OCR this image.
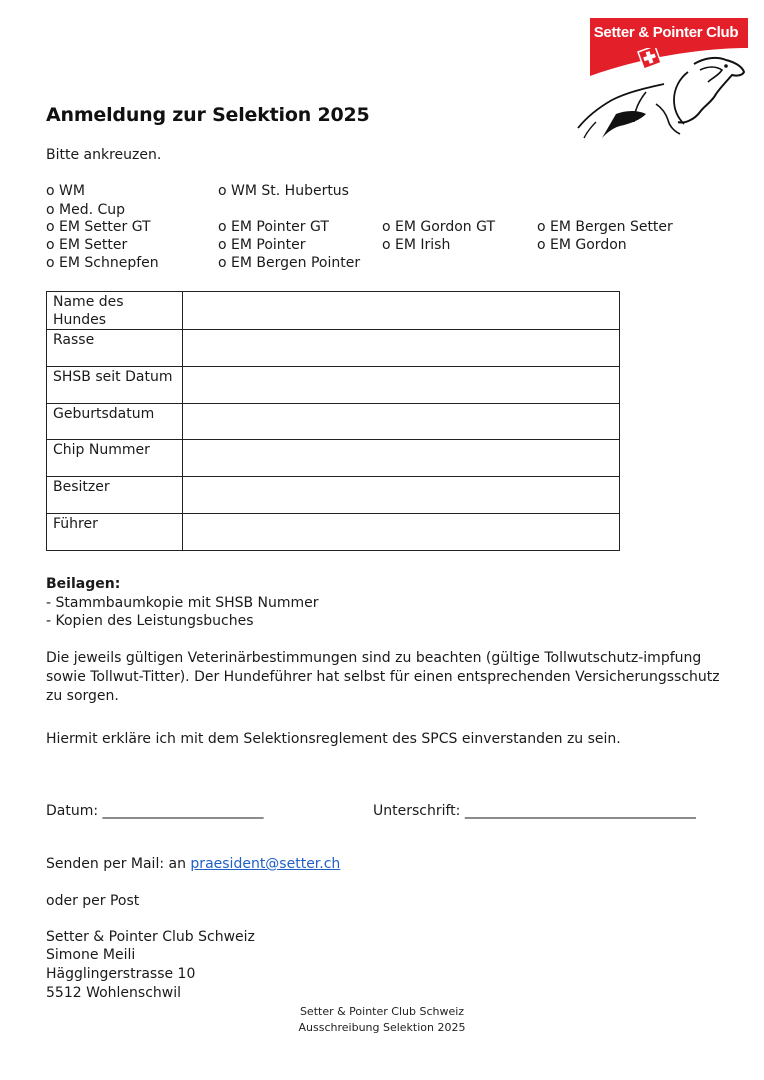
Setter & Pointer Club
Anmeldung zur Selektion 2025
Bitte ankreuzen.
o WM	o WM St. Hubertus
o Med. Cup
o EM Setter GT	o EM Pointer GT	o EM Gordon GT	o EM Bergen Setter
o EM Setter	o EM Pointer	o EM Irish	o EM Gordon
o EM Schnepfen	o EM Bergen Pointer
Name des Hundes	
Rasse	
SHSB seit Datum	
Geburtsdatum	
Chip Nummer	
Besitzer	
Führer	
Beilagen:
- Stammbaumkopie mit SHSB Nummer
- Kopien des Leistungsbuches
Die jeweils gültigen Veterinärbestimmungen sind zu beachten (gültige Tollwutschutz-impfung sowie Tollwut-Titter). Der Hundeführer hat selbst für einen entsprechenden Versicherungsschutz zu sorgen.
Hiermit erkläre ich mit dem Selektionsreglement des SPCS einverstanden zu sein.
Datum: _______________________	Unterschrift: _________________________________
Senden per Mail: an praesident@setter.ch
oder per Post
Setter & Pointer Club Schweiz
Simone Meili
Hägglingerstrasse 10
5512 Wohlenschwil
Setter & Pointer Club Schweiz
Ausschreibung Selektion 2025
